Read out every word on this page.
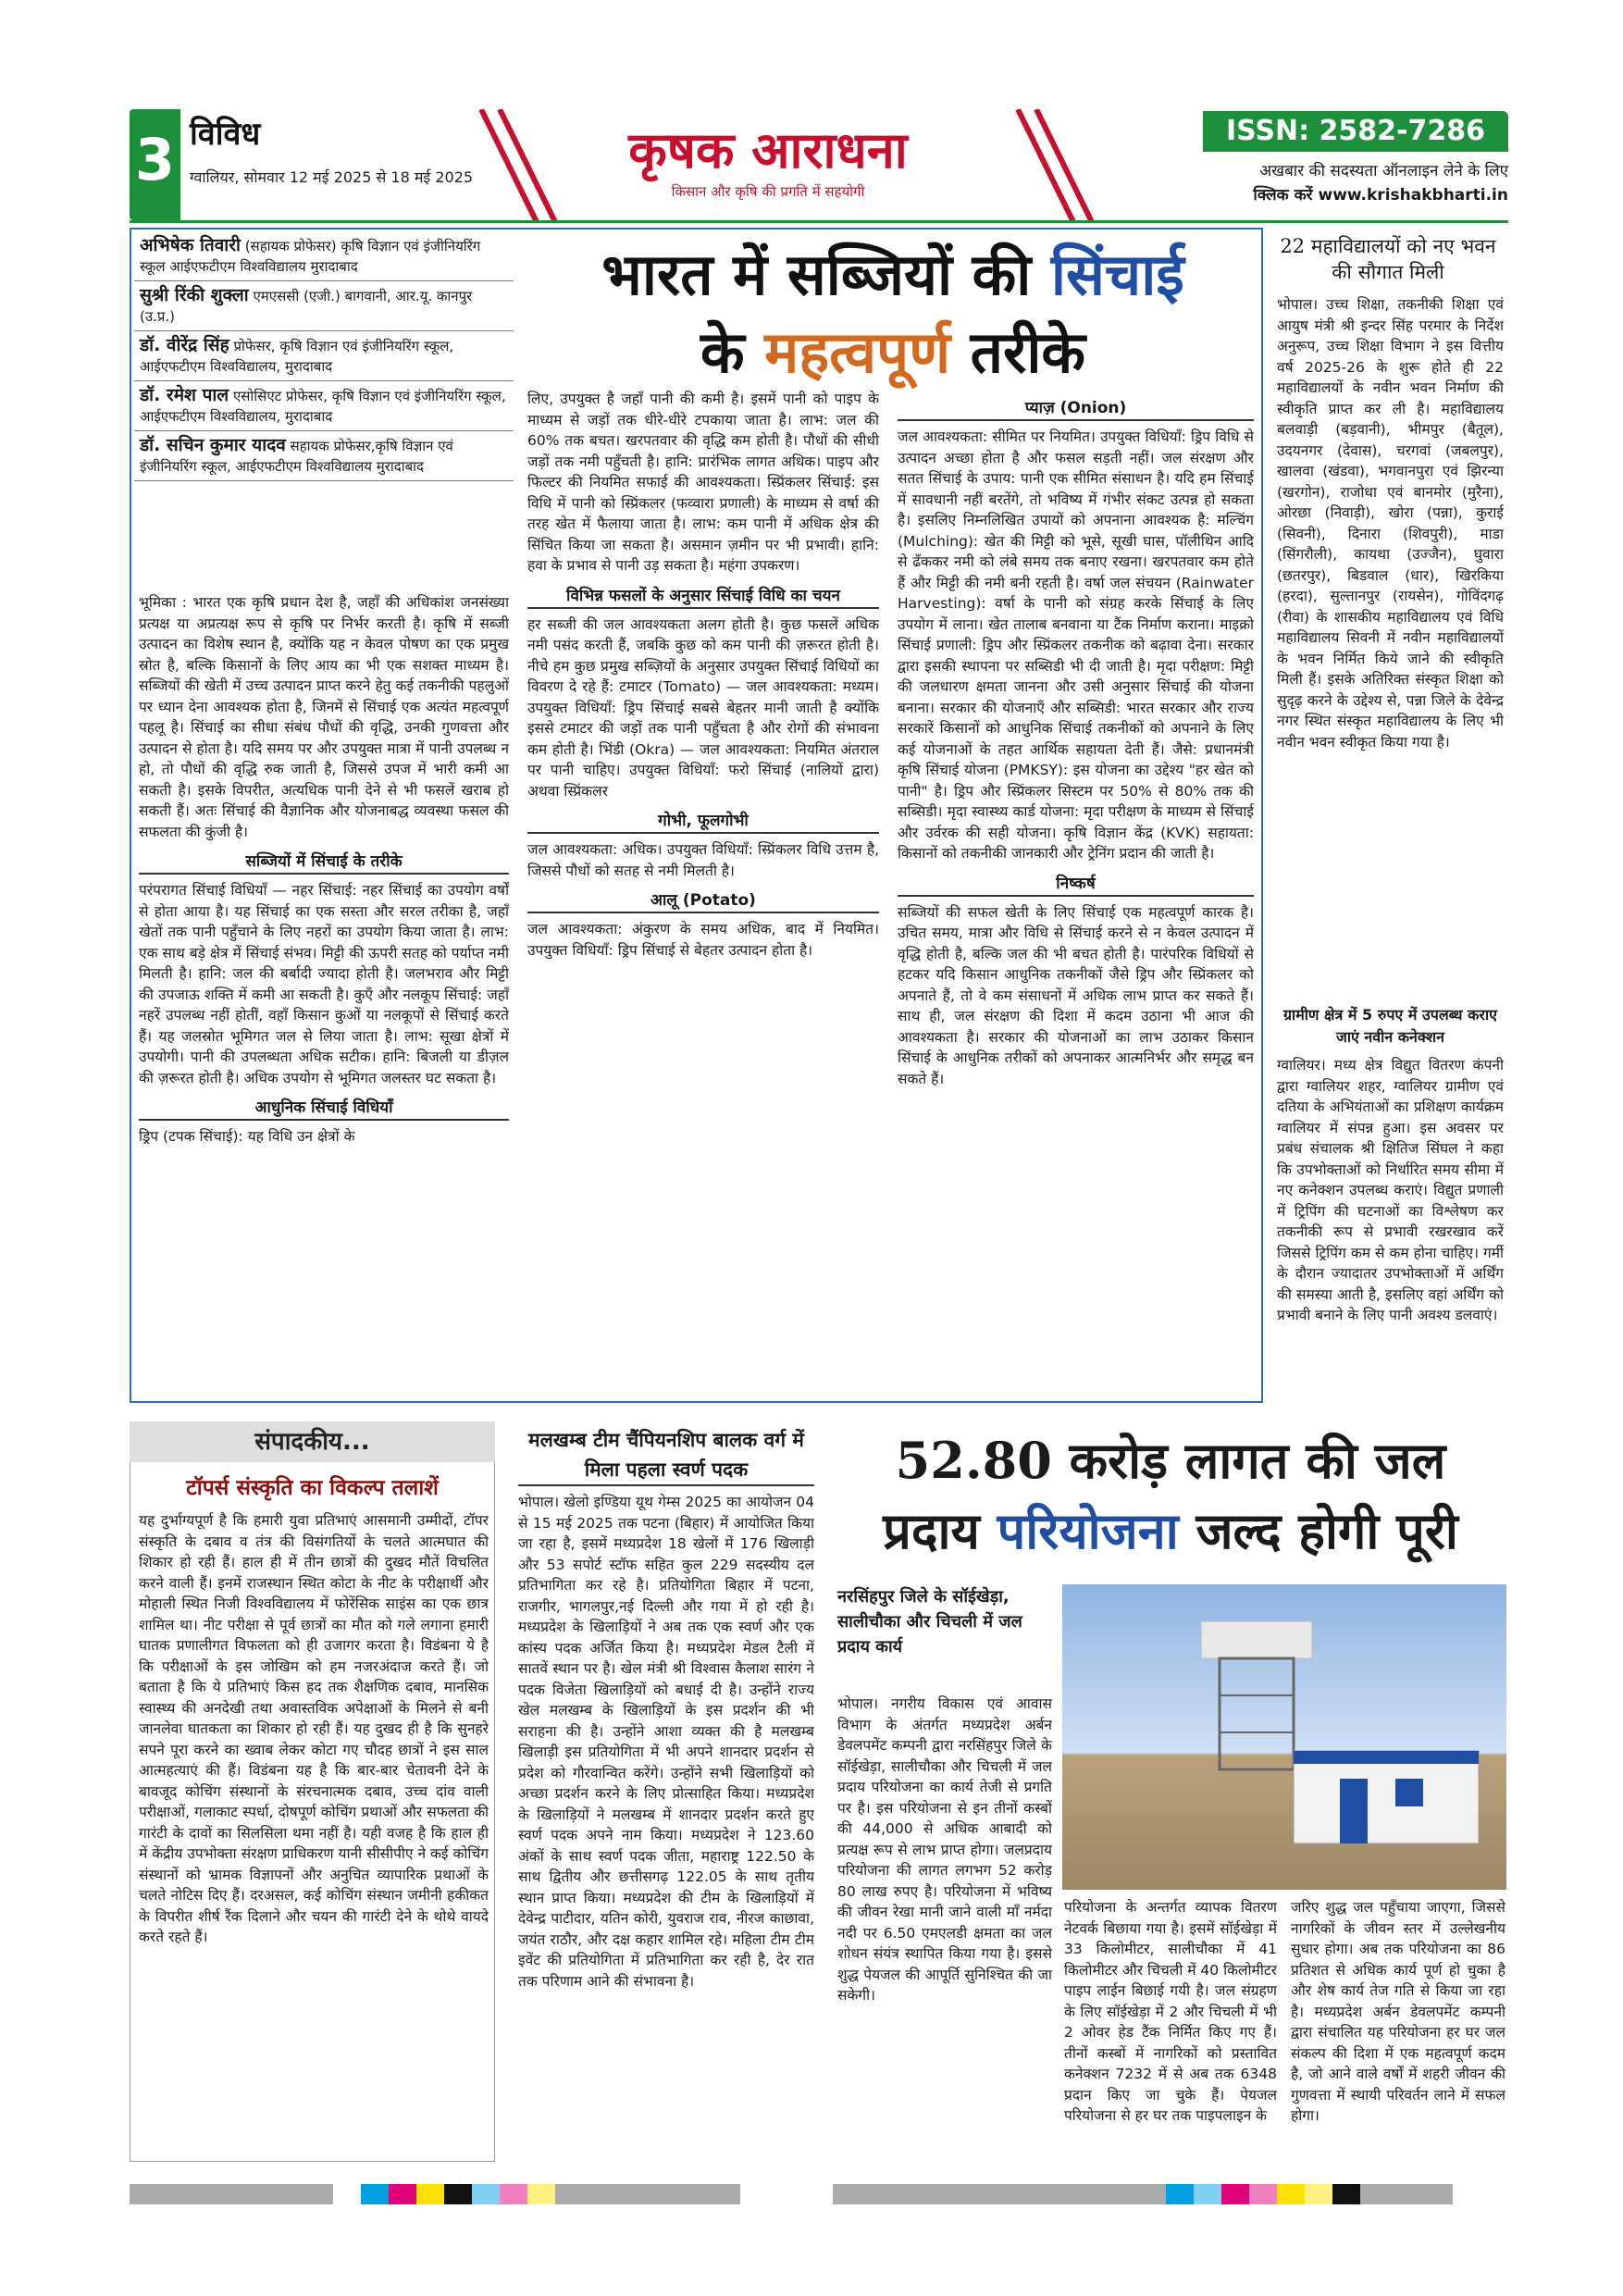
3 विविध
ग्वालियर, सोमवार 12 मई 2025 से 18 मई 2025	कृषक आराधना
किसान और कृषि की प्रगति में सहयोगी
ISSN: 2582-7286
अखबार की सदस्यता ऑनलाइन लेने के लिए
क्लिक करें www.krishakbharti.in
अभिषेक तिवारी (सहायक प्रोफेसर) कृषि विज्ञान एवं इंजीनियरिंग स्कूल आईएफटीएम विश्वविद्यालय मुरादाबाद
सुश्री रिंकी शुक्ला एमएससी (एजी.) बागवानी, आर.यू. कानपुर (उ.प्र.)
डॉ. वीरेंद्र सिंह प्रोफेसर, कृषि विज्ञान एवं इंजीनियरिंग स्कूल, आईएफटीएम विश्वविद्यालय, मुरादाबाद
डॉ. रमेश पाल एसोसिएट प्रोफेसर, कृषि विज्ञान एवं इंजीनियरिंग स्कूल, आईएफटीएम विश्वविद्यालय, मुरादाबाद
डॉ. सचिन कुमार यादव सहायक प्रोफेसर,कृषि विज्ञान एवं इंजीनियरिंग स्कूल, आईएफटीएम विश्वविद्यालय मुरादाबाद
भारत में सब्जियों की सिंचाई
के महत्वपूर्ण तरीके

भूमिका : भारत एक कृषि प्रधान देश है, जहाँ की अधिकांश जनसंख्या प्रत्यक्ष या अप्रत्यक्ष रूप से कृषि पर निर्भर करती है। कृषि में सब्जी उत्पादन का विशेष स्थान है, क्योंकि यह न केवल पोषण का एक प्रमुख स्रोत है, बल्कि किसानों के लिए आय का भी एक सशक्त माध्यम है। सब्जियों की खेती में उच्च उत्पादन प्राप्त करने हेतु कई तकनीकी पहलुओं पर ध्यान देना आवश्यक होता है, जिनमें से सिंचाई एक अत्यंत महत्वपूर्ण पहलू है। सिंचाई का सीधा संबंध पौधों की वृद्धि, उनकी गुणवत्ता और उत्पादन से होता है। यदि समय पर और उपयुक्त मात्रा में पानी उपलब्ध न हो, तो पौधों की वृद्धि रुक जाती है, जिससे उपज में भारी कमी आ सकती है। इसके विपरीत, अत्यधिक पानी देने से भी फसलें खराब हो सकती हैं। अतः सिंचाई की वैज्ञानिक और योजनाबद्ध व्यवस्था फसल की सफलता की कुंजी है।

सब्जियों में सिंचाई के तरीके

परंपरागत सिंचाई विधियाँ — नहर सिंचाई: नहर सिंचाई का उपयोग वर्षों से होता आया है। यह सिंचाई का एक सस्ता और सरल तरीका है, जहाँ खेतों तक पानी पहुँचाने के लिए नहरों का उपयोग किया जाता है। लाभ: एक साथ बड़े क्षेत्र में सिंचाई संभव। मिट्टी की ऊपरी सतह को पर्याप्त नमी मिलती है। हानि: जल की बर्बादी ज्यादा होती है। जलभराव और मिट्टी की उपजाऊ शक्ति में कमी आ सकती है। कुएँ और नलकूप सिंचाई: जहाँ नहरें उपलब्ध नहीं होतीं, वहाँ किसान कुओं या नलकूपों से सिंचाई करते हैं। यह जलस्रोत भूमिगत जल से लिया जाता है। लाभ: सूखा क्षेत्रों में उपयोगी। पानी की उपलब्धता अधिक सटीक। हानि: बिजली या डीज़ल की ज़रूरत होती है। अधिक उपयोग से भूमिगत जलस्तर घट सकता है।

आधुनिक सिंचाई विधियाँ

ड्रिप (टपक सिंचाई): यह विधि उन क्षेत्रों के

लिए, उपयुक्त है जहाँ पानी की कमी है। इसमें पानी को पाइप के माध्यम से जड़ों तक धीरे-धीरे टपकाया जाता है। लाभ: जल की 60% तक बचत। खरपतवार की वृद्धि कम होती है। पौधों की सीधी जड़ों तक नमी पहुँचती है। हानि: प्रारंभिक लागत अधिक। पाइप और फिल्टर की नियमित सफाई की आवश्यकता। स्प्रिंकलर सिंचाई: इस विधि में पानी को स्प्रिंकलर (फव्वारा प्रणाली) के माध्यम से वर्षा की तरह खेत में फैलाया जाता है। लाभ: कम पानी में अधिक क्षेत्र की सिंचित किया जा सकता है। असमान ज़मीन पर भी प्रभावी। हानि: हवा के प्रभाव से पानी उड़ सकता है। महंगा उपकरण।

विभिन्न फसलों के अनुसार सिंचाई विधि का चयन

हर सब्जी की जल आवश्यकता अलग होती है। कुछ फसलें अधिक नमी पसंद करती हैं, जबकि कुछ को कम पानी की ज़रूरत होती है। नीचे हम कुछ प्रमुख सब्ज़ियों के अनुसार उपयुक्त सिंचाई विधियों का विवरण दे रहे हैं: टमाटर (Tomato) — जल आवश्यकता: मध्यम। उपयुक्त विधियाँ: ड्रिप सिंचाई सबसे बेहतर मानी जाती है क्योंकि इससे टमाटर की जड़ों तक पानी पहुँचता है और रोगों की संभावना कम होती है। भिंडी (Okra) — जल आवश्यकता: नियमित अंतराल पर पानी चाहिए। उपयुक्त विधियाँ: फरो सिंचाई (नालियों द्वारा) अथवा स्प्रिंकलर

गोभी, फूलगोभी

जल आवश्यकता: अधिक। उपयुक्त विधियाँ: स्प्रिंकलर विधि उत्तम है, जिससे पौधों को सतह से नमी मिलती है।

आलू (Potato)

जल आवश्यकता: अंकुरण के समय अधिक, बाद में नियमित। उपयुक्त विधियाँ: ड्रिप सिंचाई से बेहतर उत्पादन होता है।

प्याज़ (Onion)

जल आवश्यकता: सीमित पर नियमित। उपयुक्त विधियाँ: ड्रिप विधि से उत्पादन अच्छा होता है और फसल सड़ती नहीं। जल संरक्षण और सतत सिंचाई के उपाय: पानी एक सीमित संसाधन है। यदि हम सिंचाई में सावधानी नहीं बरतेंगे, तो भविष्य में गंभीर संकट उत्पन्न हो सकता है। इसलिए निम्नलिखित उपायों को अपनाना आवश्यक है: मल्चिंग (Mulching): खेत की मिट्टी को भूसे, सूखी घास, पॉलीथिन आदि से ढँककर नमी को लंबे समय तक बनाए रखना। खरपतवार कम होते हैं और मिट्टी की नमी बनी रहती है। वर्षा जल संचयन (Rainwater Harvesting): वर्षा के पानी को संग्रह करके सिंचाई के लिए उपयोग में लाना। खेत तालाब बनवाना या टैंक निर्माण कराना। माइक्रो सिंचाई प्रणाली: ड्रिप और स्प्रिंकलर तकनीक को बढ़ावा देना। सरकार द्वारा इसकी स्थापना पर सब्सिडी भी दी जाती है। मृदा परीक्षण: मिट्टी की जलधारण क्षमता जानना और उसी अनुसार सिंचाई की योजना बनाना। सरकार की योजनाएँ और सब्सिडी: भारत सरकार और राज्य सरकारें किसानों को आधुनिक सिंचाई तकनीकों को अपनाने के लिए कई योजनाओं के तहत आर्थिक सहायता देती हैं। जैसे: प्रधानमंत्री कृषि सिंचाई योजना (PMKSY): इस योजना का उद्देश्य "हर खेत को पानी" है। ड्रिप और स्प्रिंकलर सिस्टम पर 50% से 80% तक की सब्सिडी। मृदा स्वास्थ्य कार्ड योजना: मृदा परीक्षण के माध्यम से सिंचाई और उर्वरक की सही योजना। कृषि विज्ञान केंद्र (KVK) सहायता: किसानों को तकनीकी जानकारी और ट्रेनिंग प्रदान की जाती है।

निष्कर्ष

सब्जियों की सफल खेती के लिए सिंचाई एक महत्वपूर्ण कारक है। उचित समय, मात्रा और विधि से सिंचाई करने से न केवल उत्पादन में वृद्धि होती है, बल्कि जल की भी बचत होती है। पारंपरिक विधियों से हटकर यदि किसान आधुनिक तकनीकों जैसे ड्रिप और स्प्रिंकलर को अपनाते हैं, तो वे कम संसाधनों में अधिक लाभ प्राप्त कर सकते हैं। साथ ही, जल संरक्षण की दिशा में कदम उठाना भी आज की आवश्यकता है। सरकार की योजनाओं का लाभ उठाकर किसान सिंचाई के आधुनिक तरीकों को अपनाकर आत्मनिर्भर और समृद्ध बन सकते हैं।

22 महाविद्यालयों को नए भवन की सौगात मिली

भोपाल। उच्च शिक्षा, तकनीकी शिक्षा एवं आयुष मंत्री श्री इन्दर सिंह परमार के निर्देश अनुरूप, उच्च शिक्षा विभाग ने इस वित्तीय वर्ष 2025-26 के शुरू होते ही 22 महाविद्यालयों के नवीन भवन निर्माण की स्वीकृति प्राप्त कर ली है। महाविद्यालय बलवाड़ी (बड़वानी), भीमपुर (बैतूल), उदयनगर (देवास), चरगवां (जबलपुर), खालवा (खंडवा), भगवानपुरा एवं झिरन्या (खरगोन), राजोधा एवं बानमोर (मुरैना), ओरछा (निवाड़ी), खोरा (पन्ना), कुराई (सिवनी), दिनारा (शिवपुरी), माडा (सिंगरौली), कायथा (उज्जैन), घुवारा (छतरपुर), बिडवाल (धार), खिरकिया (हरदा), सुल्तानपुर (रायसेन), गोविंदगढ़ (रीवा) के शासकीय महाविद्यालय एवं विधि महाविद्यालय सिवनी में नवीन महाविद्यालयों के भवन निर्मित किये जाने की स्वीकृति मिली हैं। इसके अतिरिक्त संस्कृत शिक्षा को सुदृढ़ करने के उद्देश्य से, पन्ना जिले के देवेन्द्र नगर स्थित संस्कृत महाविद्यालय के लिए भी नवीन भवन स्वीकृत किया गया है।

ग्रामीण क्षेत्र में 5 रुपए में उपलब्ध कराए जाएं नवीन कनेक्शन

ग्वालियर। मध्य क्षेत्र विद्युत वितरण कंपनी द्वारा ग्वालियर शहर, ग्वालियर ग्रामीण एवं दतिया के अभियंताओं का प्रशिक्षण कार्यक्रम ग्वालियर में संपन्न हुआ। इस अवसर पर प्रबंध संचालक श्री क्षितिज सिंघल ने कहा कि उपभोक्ताओं को निर्धारित समय सीमा में नए कनेक्शन उपलब्ध कराएं। विद्युत प्रणाली में ट्रिपिंग की घटनाओं का विश्लेषण कर तकनीकी रूप से प्रभावी रखरखाव करें जिससे ट्रिपिंग कम से कम होना चाहिए। गर्मी के दौरान ज्यादातर उपभोक्ताओं में अर्थिंग की समस्या आती है, इसलिए वहां अर्थिंग को प्रभावी बनाने के लिए पानी अवश्य डलवाएं।

संपादकीय...
टॉपर्स संस्कृति का विकल्प तलाशें

यह दुर्भाग्यपूर्ण है कि हमारी युवा प्रतिभाएं आसमानी उम्मीदों, टॉपर संस्कृति के दबाव व तंत्र की विसंगतियों के चलते आत्मघात की शिकार हो रही हैं। हाल ही में तीन छात्रों की दुखद मौतें विचलित करने वाली हैं। इनमें राजस्थान स्थित कोटा के नीट के परीक्षार्थी और मोहाली स्थित निजी विश्वविद्यालय में फोरेंसिक साइंस का एक छात्र शामिल था। नीट परीक्षा से पूर्व छात्रों का मौत को गले लगाना हमारी घातक प्रणालीगत विफलता को ही उजागर करता है। विडंबना ये है कि परीक्षाओं के इस जोखिम को हम नजरअंदाज करते हैं। जो बताता है कि ये प्रतिभाएं किस हद तक शैक्षणिक दबाव, मानसिक स्वास्थ्य की अनदेखी तथा अवास्तविक अपेक्षाओं के मिलने से बनी जानलेवा घातकता का शिकार हो रही हैं। यह दुखद ही है कि सुनहरे सपने पूरा करने का ख्वाब लेकर कोटा गए चौदह छात्रों ने इस साल आत्महत्याएं की हैं। विडंबना यह है कि बार-बार चेतावनी देने के बावजूद कोचिंग संस्थानों के संरचनात्मक दबाव, उच्च दांव वाली परीक्षाओं, गलाकाट स्पर्धा, दोषपूर्ण कोचिंग प्रथाओं और सफलता की गारंटी के दावों का सिलसिला थमा नहीं है। यही वजह है कि हाल ही में केंद्रीय उपभोक्ता संरक्षण प्राधिकरण यानी सीसीपीए ने कई कोचिंग संस्थानों को भ्रामक विज्ञापनों और अनुचित व्यापारिक प्रथाओं के चलते नोटिस दिए हैं। दरअसल, कई कोचिंग संस्थान जमीनी हकीकत के विपरीत शीर्ष रैंक दिलाने और चयन की गारंटी देने के थोथे वायदे करते रहते हैं।

मलखम्ब टीम चैंपियनशिप बालक वर्ग में मिला पहला स्वर्ण पदक

भोपाल। खेलो इण्डिया यूथ गेम्स 2025 का आयोजन 04 से 15 मई 2025 तक पटना (बिहार) में आयोजित किया जा रहा है, इसमें मध्यप्रदेश 18 खेलों में 176 खिलाड़ी और 53 सपोर्ट स्टॉफ सहित कुल 229 सदस्यीय दल प्रतिभागिता कर रहे है। प्रतियोगिता बिहार में पटना, राजगीर, भागलपुर,नई दिल्ली और गया में हो रही है। मध्यप्रदेश के खिलाड़ियों ने अब तक एक स्वर्ण और एक कांस्य पदक अर्जित किया है। मध्यप्रदेश मेडल टैली में सातवें स्थान पर है। खेल मंत्री श्री विश्वास कैलाश सारंग ने पदक विजेता खिलाड़ियों को बधाई दी है। उन्होंने राज्य खेल मलखम्ब के खिलाड़ियों के इस प्रदर्शन की भी सराहना की है। उन्होंने आशा व्यक्त की है मलखम्ब खिलाड़ी इस प्रतियोगिता में भी अपने शानदार प्रदर्शन से प्रदेश को गौरवान्वित करेंगे। उन्होंने सभी खिलाड़ियों को अच्छा प्रदर्शन करने के लिए प्रोत्साहित किया। मध्यप्रदेश के खिलाड़ियों ने मलखम्ब में शानदार प्रदर्शन करते हुए स्वर्ण पदक अपने नाम किया। मध्यप्रदेश ने 123.60 अंकों के साथ स्वर्ण पदक जीता, महाराष्ट्र 122.50 के साथ द्वितीय और छत्तीसगढ़ 122.05 के साथ तृतीय स्थान प्राप्त किया। मध्यप्रदेश की टीम के खिलाड़ियों में देवेन्द्र पाटीदार, यतिन कोरी, युवराज राव, नीरज काछावा, जयंत राठौर, और दक्ष कहार शामिल रहे। महिला टीम टीम इवेंट की प्रतियोगिता में प्रतिभागिता कर रही है, देर रात तक परिणाम आने की संभावना है।

52.80 करोड़ लागत की जल
प्रदाय परियोजना जल्द होगी पूरी
नरसिंहपुर जिले के सॉईखेड़ा, सालीचौका और चिचली में जल प्रदाय कार्य

भोपाल। नगरीय विकास एवं आवास विभाग के अंतर्गत मध्यप्रदेश अर्बन डेवलपमेंट कम्पनी द्वारा नरसिंहपुर जिले के सॉईखेड़ा, सालीचौका और चिचली में जल प्रदाय परियोजना का कार्य तेजी से प्रगति पर है। इस परियोजना से इन तीनों कस्बों की 44,000 से अधिक आबादी को प्रत्यक्ष रूप से लाभ प्राप्त होगा। जलप्रदाय परियोजना की लागत लगभग 52 करोड़ 80 लाख रुपए है। परियोजना में भविष्य की जीवन रेखा मानी जाने वाली माँ नर्मदा नदी पर 6.50 एमएलडी क्षमता का जल शोधन संयंत्र स्थापित किया गया है। इससे शुद्ध पेयजल की आपूर्ति सुनिश्चित की जा सकेगी।

परियोजना के अन्तर्गत व्यापक वितरण नेटवर्क बिछाया गया है। इसमें सॉईखेड़ा में 33 किलोमीटर, सालीचौका में 41 किलोमीटर और चिचली में 40 किलोमीटर पाइप लाईन बिछाई गयी है। जल संग्रहण के लिए सॉईखेड़ा में 2 और चिचली में भी 2 ओवर हेड टैंक निर्मित किए गए हैं। तीनों कस्बों में नागरिकों को प्रस्तावित कनेक्शन 7232 में से अब तक 6348 प्रदान किए जा चुके हैं। पेयजल परियोजना से हर घर तक पाइपलाइन के

जरिए शुद्ध जल पहुँचाया जाएगा, जिससे नागरिकों के जीवन स्तर में उल्लेखनीय सुधार होगा। अब तक परियोजना का 86 प्रतिशत से अधिक कार्य पूर्ण हो चुका है और शेष कार्य तेज गति से किया जा रहा है। मध्यप्रदेश अर्बन डेवलपमेंट कम्पनी द्वारा संचालित यह परियोजना हर घर जल संकल्प की दिशा में एक महत्वपूर्ण कदम है, जो आने वाले वर्षों में शहरी जीवन की गुणवत्ता में स्थायी परिवर्तन लाने में सफल होगा।
